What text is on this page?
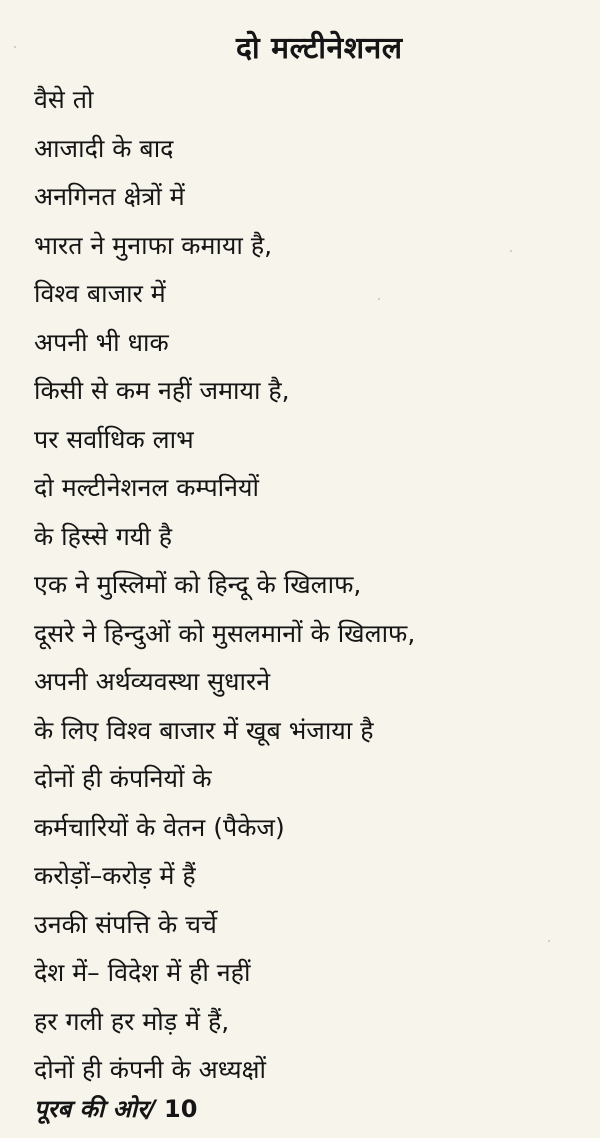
दो मल्टीनेशनल
वैसे तो
आजादी के बाद
अनगिनत क्षेत्रों में
भारत ने मुनाफा कमाया है,
विश्व बाजार में
अपनी भी धाक
किसी से कम नहीं जमाया है,
पर सर्वाधिक लाभ
दो मल्टीनेशनल कम्पनियों
के हिस्से गयी है
एक ने मुस्लिमों को हिन्दू के खिलाफ,
दूसरे ने हिन्दुओं को मुसलमानों के खिलाफ,
अपनी अर्थव्यवस्था सुधारने
के लिए विश्व बाजार में खूब भंजाया है
दोनों ही कंपनियों के
कर्मचारियों के वेतन (पैकेज)
करोड़ों–करोड़ में हैं
उनकी संपत्ति के चर्चे
देश में– विदेश में ही नहीं
हर गली हर मोड़ में हैं,
दोनों ही कंपनी के अध्यक्षों
पूरब की ओर/ 10
